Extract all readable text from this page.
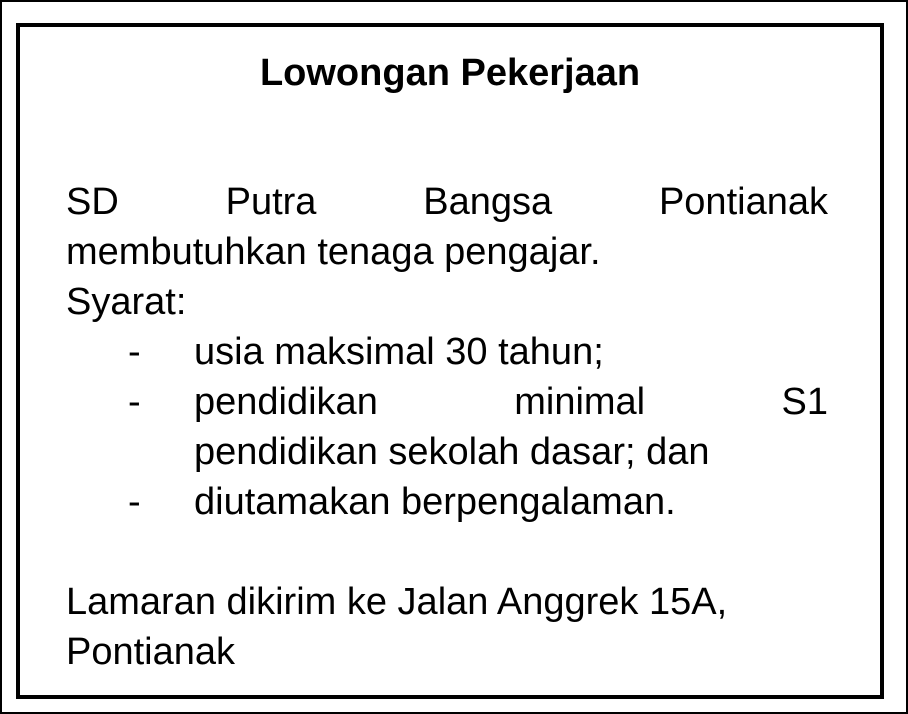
Lowongan Pekerjaan
SD	Putra	Bangsa	Pontianak
membutuhkan tenaga pengajar.

Syarat:

- usia maksimal 30 tahun;
- pendidikan	minimal	S1
pendidikan sekolah dasar; dan
- diutamakan berpengalaman.
Lamaran dikirim ke Jalan Anggrek 15A,
Pontianak
